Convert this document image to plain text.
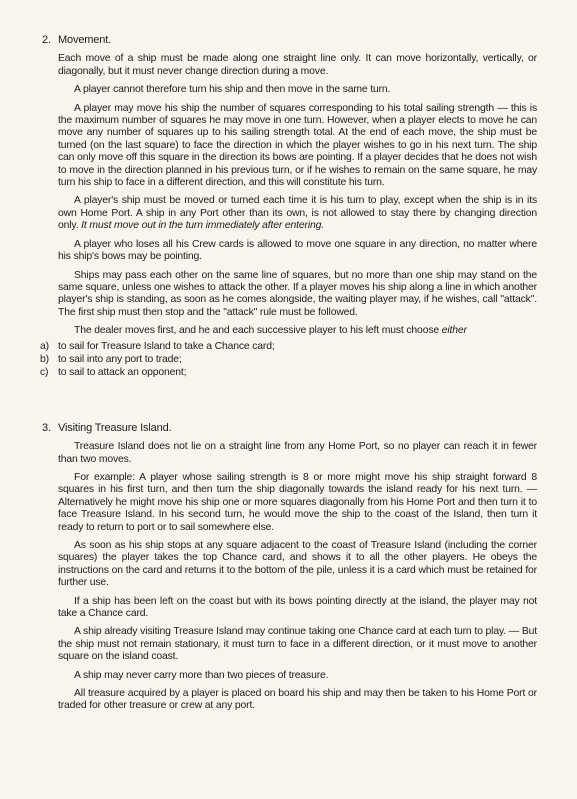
2. Movement.

Each move of a ship must be made along one straight line only. It can move horizontally, vertically, or diagonally, but it must never change direction during a move.

A player cannot therefore turn his ship and then move in the same turn.

A player may move his ship the number of squares corresponding to his total sailing strength — this is the maximum number of squares he may move in one turn. However, when a player elects to move he can move any number of squares up to his sailing strength total. At the end of each move, the ship must be turned (on the last square) to face the direction in which the player wishes to go in his next turn. The ship can only move off this square in the direction its bows are pointing. If a player decides that he does not wish to move in the direction planned in his previous turn, or if he wishes to remain on the same square, he may turn his ship to face in a different direction, and this will constitute his turn.

A player's ship must be moved or turned each time it is his turn to play, except when the ship is in its own Home Port. A ship in any Port other than its own, is not allowed to stay there by changing direction only. It must move out in the turn immediately after entering.

A player who loses all his Crew cards is allowed to move one square in any direction, no matter where his ship's bows may be pointing.

Ships may pass each other on the same line of squares, but no more than one ship may stand on the same square, unless one wishes to attack the other. If a player moves his ship along a line in which another player's ship is standing, as soon as he comes alongside, the waiting player may, if he wishes, call "attack". The first ship must then stop and the "attack" rule must be followed.

The dealer moves first, and he and each successive player to his left must choose either

a) to sail for Treasure Island to take a Chance card;
b) to sail into any port to trade;
c) to sail to attack an opponent;
3. Visiting Treasure Island.

Treasure Island does not lie on a straight line from any Home Port, so no player can reach it in fewer than two moves.

For example: A player whose sailing strength is 8 or more might move his ship straight forward 8 squares in his first turn, and then turn the ship diagonally towards the island ready for his next turn. — Alternatively he might move his ship one or more squares diagonally from his Home Port and then turn it to face Treasure Island. In his second turn, he would move the ship to the coast of the Island, then turn it ready to return to port or to sail somewhere else.

As soon as his ship stops at any square adjacent to the coast of Treasure Island (including the corner squares) the player takes the top Chance card, and shows it to all the other players. He obeys the instructions on the card and returns it to the bottom of the pile, unless it is a card which must be retained for further use.

If a ship has been left on the coast but with its bows pointing directly at the island, the player may not take a Chance card.

A ship already visiting Treasure Island may continue taking one Chance card at each turn to play. — But the ship must not remain stationary, it must turn to face in a different direction, or it must move to another square on the island coast.

A ship may never carry more than two pieces of treasure.

All treasure acquired by a player is placed on board his ship and may then be taken to his Home Port or traded for other treasure or crew at any port.
